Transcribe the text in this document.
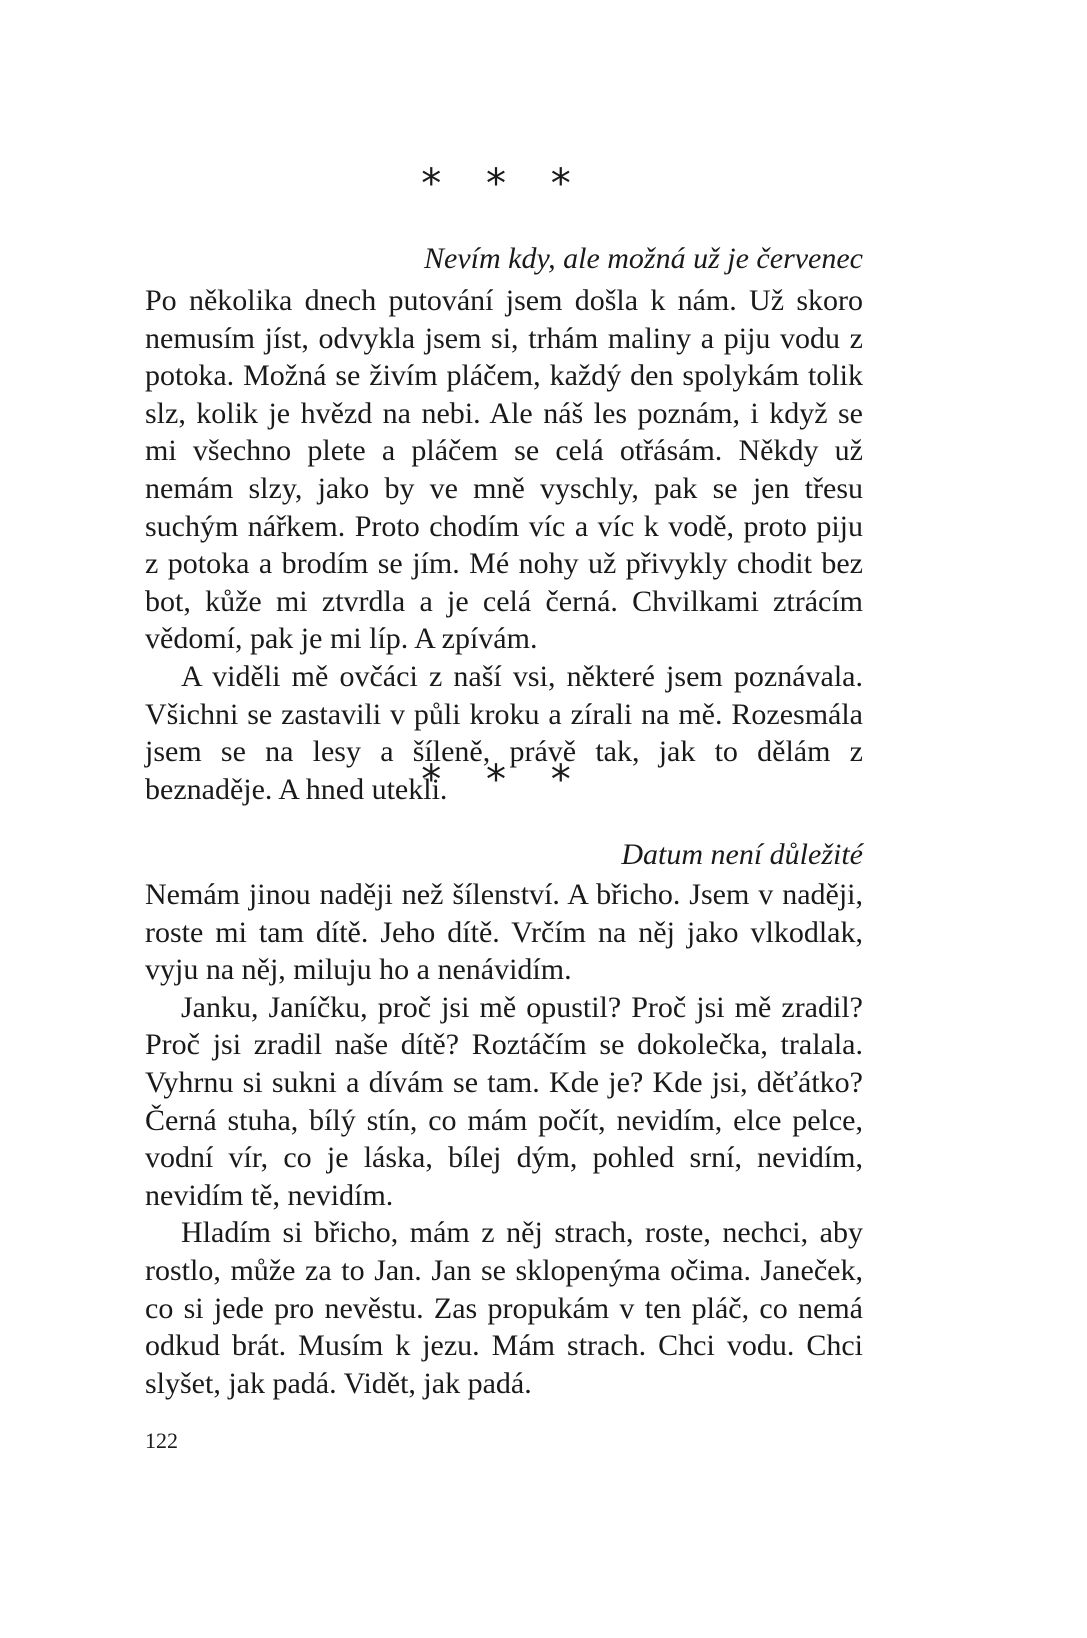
* * *
Nevím kdy, ale možná už je červenec

Po několika dnech putování jsem došla k nám. Už skoro nemusím jíst, odvykla jsem si, trhám maliny a piju vodu z potoka. Možná se živím pláčem, každý den spolykám tolik slz, kolik je hvězd na nebi. Ale náš les poznám, i když se mi všechno plete a pláčem se celá otřásám. Někdy už nemám slzy, jako by ve mně vyschly, pak se jen třesu suchým nářkem. Proto chodím víc a víc k vodě, proto piju z potoka a brodím se jím. Mé nohy už přivykly chodit bez bot, kůže mi ztvrdla a je celá černá. Chvilkami ztrácím vědomí, pak je mi líp. A zpívám.

A viděli mě ovčáci z naší vsi, některé jsem poznávala. Všichni se zastavili v půli kroku a zírali na mě. Rozesmála jsem se na lesy a šíleně, právě tak, jak to dělám z beznaděje. A hned utekli.

* * *
Datum není důležité

Nemám jinou naději než šílenství. A břicho. Jsem v naději, roste mi tam dítě. Jeho dítě. Vrčím na něj jako vlkodlak, vyju na něj, miluju ho a nenávidím.

Janku, Janíčku, proč jsi mě opustil? Proč jsi mě zradil? Proč jsi zradil naše dítě? Roztáčím se dokolečka, tralala. Vyhrnu si sukni a dívám se tam. Kde je? Kde jsi, děťátko? Černá stuha, bílý stín, co mám počít, nevidím, elce pelce, vodní vír, co je láska, bílej dým, pohled srní, nevidím, nevidím tě, nevidím.

Hladím si břicho, mám z něj strach, roste, nechci, aby rostlo, může za to Jan. Jan se sklopenýma očima. Janeček, co si jede pro nevěstu. Zas propukám v ten pláč, co nemá odkud brát. Musím k jezu. Mám strach. Chci vodu. Chci slyšet, jak padá. Vidět, jak padá.

122
